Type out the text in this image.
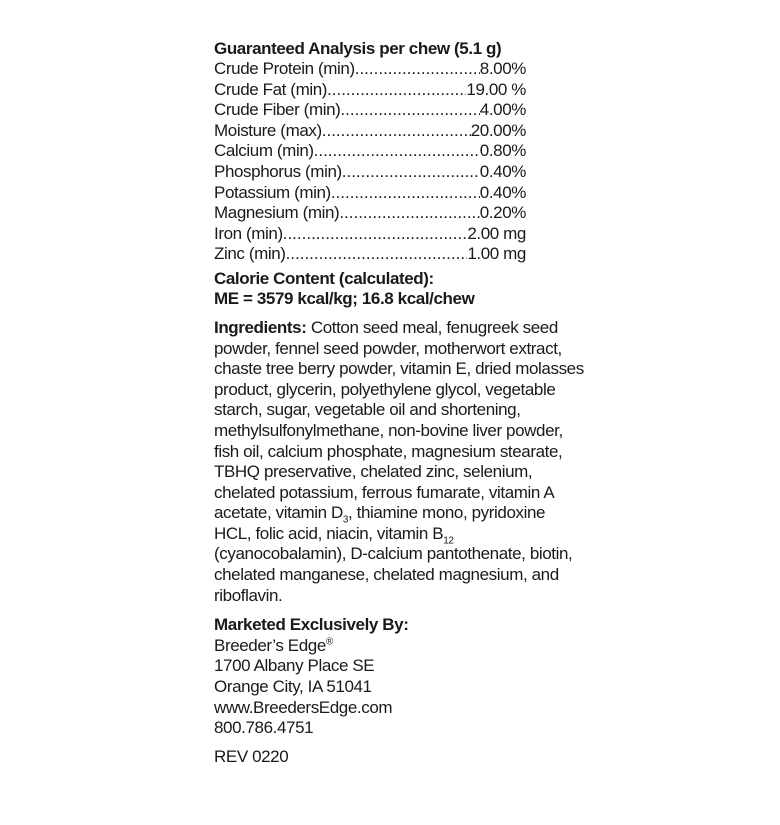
Guaranteed Analysis per chew (5.1 g)
Crude Protein (min) .....	8.00%
Crude Fat (min) .....	19.00 %
Crude Fiber (min) .....	4.00%
Moisture (max) .....	20.00%
Calcium (min) .....	0.80%
Phosphorus (min) .....	0.40%
Potassium (min) .....	0.40%
Magnesium (min) .....	0.20%
Iron (min) .....	2.00 mg
Zinc (min) .....	1.00 mg
Calorie Content (calculated):
ME = 3579 kcal/kg; 16.8 kcal/chew
Ingredients: Cotton seed meal, fenugreek seed powder, fennel seed powder, motherwort extract, chaste tree berry powder, vitamin E, dried molasses product, glycerin, polyethylene glycol, vegetable starch, sugar, vegetable oil and shortening, methylsulfonylmethane, non-bovine liver powder, fish oil, calcium phosphate, magnesium stearate, TBHQ preservative, chelated zinc, selenium, chelated potassium, ferrous fumarate, vitamin A acetate, vitamin $D_3$, thiamine mono, pyridoxine HCL, folic acid, niacin, vitamin $B_{12}$ (cyanocobalamin), D-calcium pantothenate, biotin, chelated manganese, chelated magnesium, and riboflavin.
Marketed Exclusively By:
Breeder’s Edge®
1700 Albany Place SE
Orange City, IA 51041
www.BreedersEdge.com
800.786.4751
REV 0220
